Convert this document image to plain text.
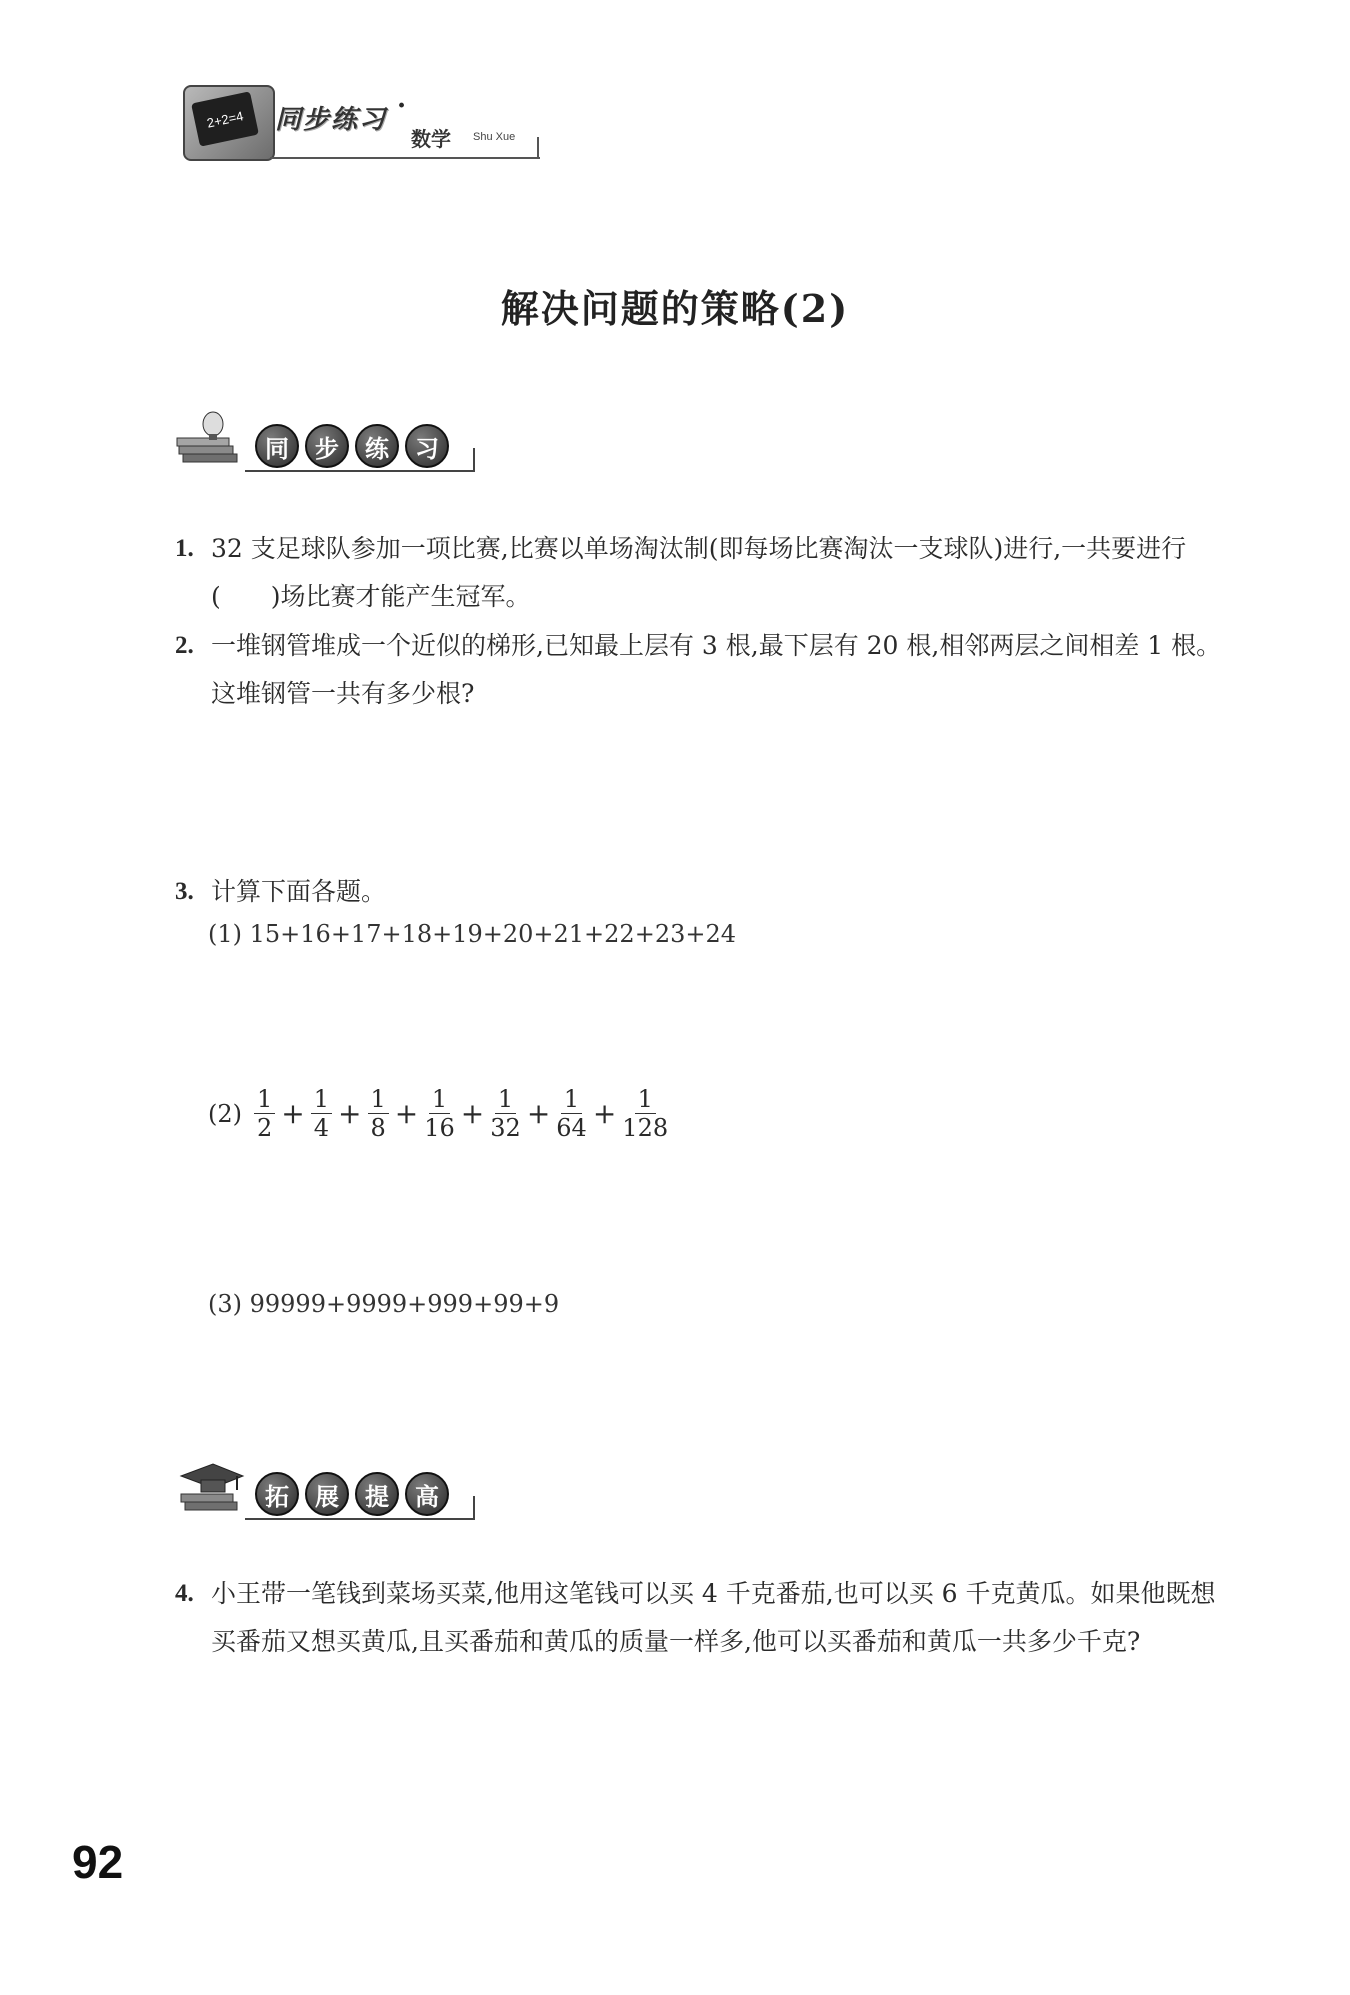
2+2=4	同步练习 ·
数学 Shu Xue
解决问题的策略(2)
同	步	练	习
1. 32 支足球队参加一项比赛,比赛以单场淘汰制(即每场比赛淘汰一支球队)进行,一共要进行(　　)场比赛才能产生冠军。
2. 一堆钢管堆成一个近似的梯形,已知最上层有 3 根,最下层有 20 根,相邻两层之间相差 1 根。这堆钢管一共有多少根?
3. 计算下面各题。
(1) 15+16+17+18+19+20+21+22+23+24
$(2) \frac{1}{2} + \frac{1}{4} + \frac{1}{8} + \frac{1}{16} + \frac{1}{32} + \frac{1}{64} + \frac{1}{128}$
(3) 99999+9999+999+99+9
拓	展	提	高
4. 小王带一笔钱到菜场买菜,他用这笔钱可以买 4 千克番茄,也可以买 6 千克黄瓜。如果他既想买番茄又想买黄瓜,且买番茄和黄瓜的质量一样多,他可以买番茄和黄瓜一共多少千克?
92
